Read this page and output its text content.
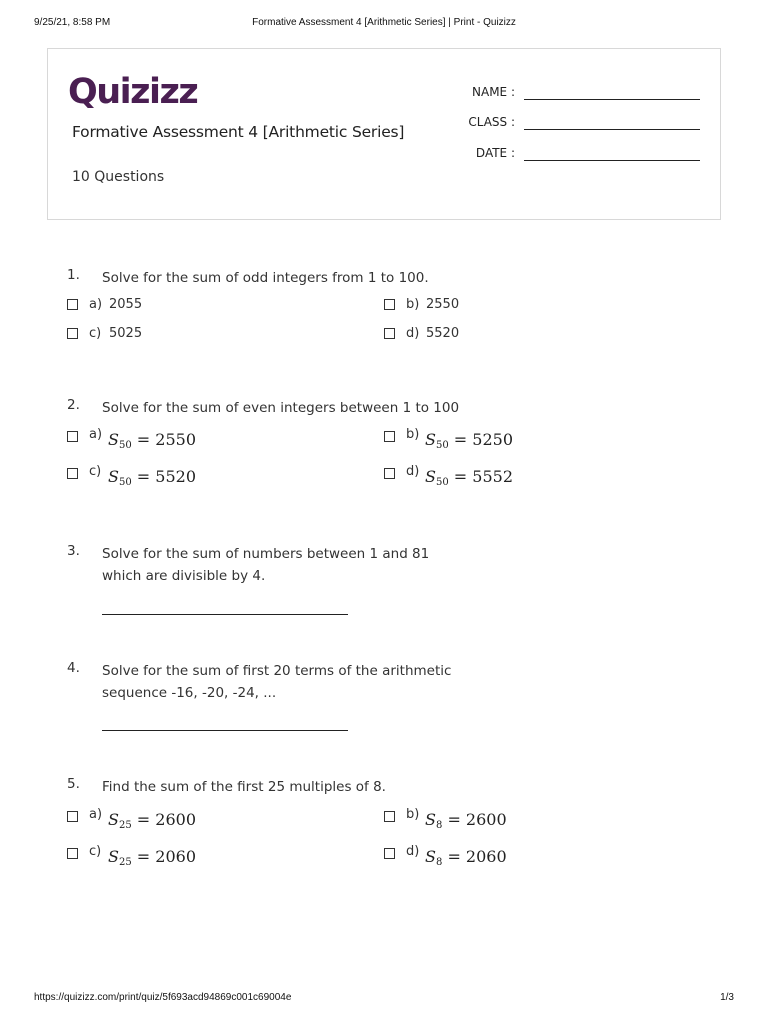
9/25/21, 8:58 PM	Formative Assessment 4 [Arithmetic Series] | Print - Quizizz
Quizizz
Formative Assessment 4 [Arithmetic Series]
10 Questions
NAME :
CLASS :
DATE :
1. Solve for the sum of odd integers from 1 to 100.
a) 2055	b) 2550
c) 5025	d) 5520
2. Solve for the sum of even integers between 1 to 100
a) $S_{50} = 2550$	b) $S_{50} = 5250$
c) $S_{50} = 5520$	d) $S_{50} = 5552$
3. Solve for the sum of numbers between 1 and 81 which are divisible by 4.
4. Solve for the sum of first 20 terms of the arithmetic sequence -16, -20, -24, ...
5. Find the sum of the first 25 multiples of 8.
a) $S_{25} = 2600$	b) $S_8 = 2600$
c) $S_{25} = 2060$	d) $S_8 = 2060$
https://quizizz.com/print/quiz/5f693acd94869c001c69004e	1/3
